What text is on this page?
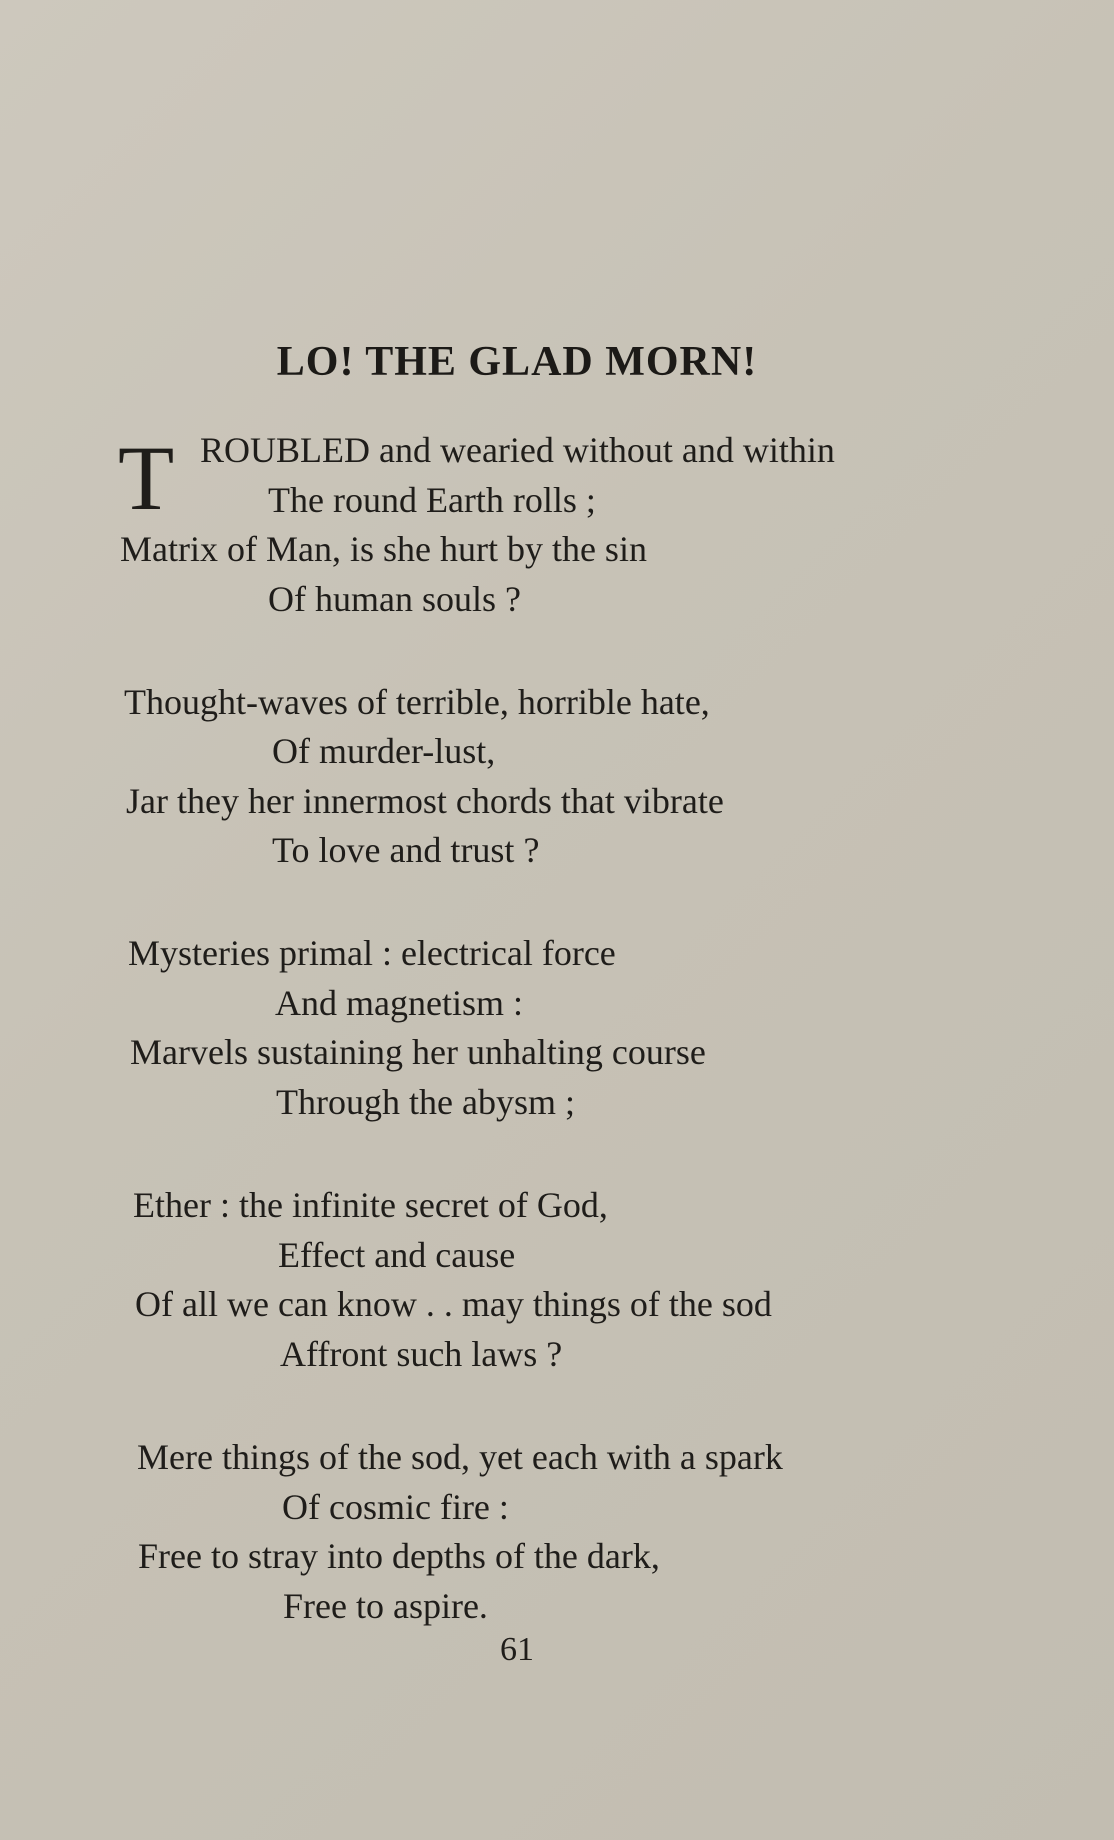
LO! THE GLAD MORN!
T ROUBLED and wearied without and within
The round Earth rolls ;
Matrix of Man, is she hurt by the sin
Of human souls ?
Thought-waves of terrible, horrible hate,
Of murder-lust,
Jar they her innermost chords that vibrate
To love and trust ?
Mysteries primal : electrical force
And magnetism :
Marvels sustaining her unhalting course
Through the abysm ;
Ether : the infinite secret of God,
Effect and cause
Of all we can know . . may things of the sod
Affront such laws ?
Mere things of the sod, yet each with a spark
Of cosmic fire :
Free to stray into depths of the dark,
Free to aspire.
61
